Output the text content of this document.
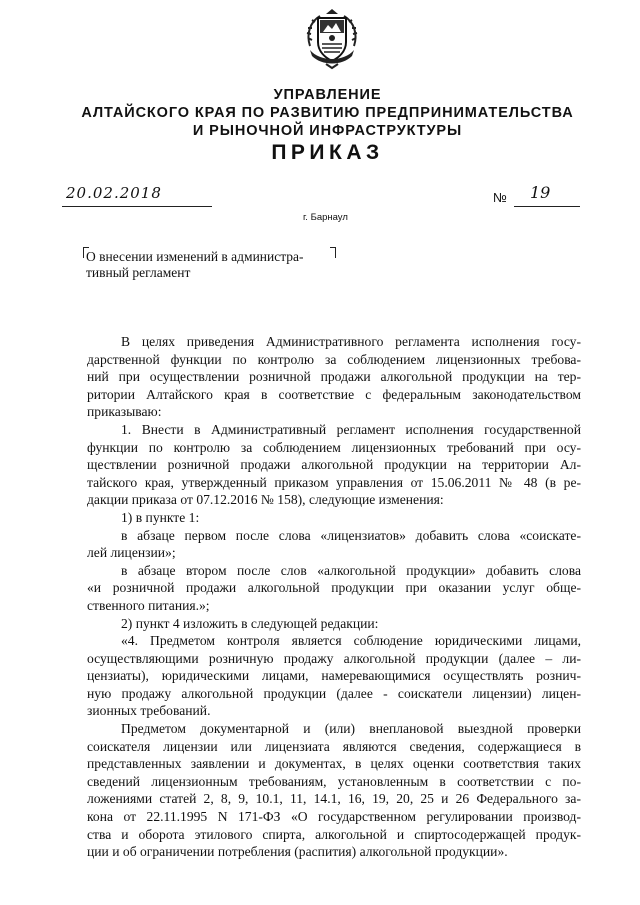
УПРАВЛЕНИЕ
АЛТАЙСКОГО КРАЯ ПО РАЗВИТИЮ ПРЕДПРИНИМАТЕЛЬСТВА
И РЫНОЧНОЙ ИНФРАСТРУКТУРЫ
ПРИКАЗ
20.02.2018	№ 19
г. Барнаул
О внесении изменений в администра-
тивный регламент
В целях приведения Административного регламента исполнения госу-
дарственной функции по контролю за соблюдением лицензионных требова-
ний при осуществлении розничной продажи алкогольной продукции на тер-
ритории Алтайского края в соответствие с федеральным законодательством
приказываю:
1. Внести в Административный регламент исполнения государственной
функции по контролю за соблюдением лицензионных требований при осу-
ществлении розничной продажи алкогольной продукции на территории Ал-
тайского края, утвержденный приказом управления от 15.06.2011 № 48 (в ре-
дакции приказа от 07.12.2016 № 158), следующие изменения:
1) в пункте 1:
в абзаце первом после слова «лицензиатов» добавить слова «соискате-
лей лицензии»;
в абзаце втором после слов «алкогольной продукции» добавить слова
«и розничной продажи алкогольной продукции при оказании услуг обще-
ственного питания.»;
2) пункт 4 изложить в следующей редакции:
«4. Предметом контроля является соблюдение юридическими лицами,
осуществляющими розничную продажу алкогольной продукции (далее – ли-
цензиаты), юридическими лицами, намеревающимися осуществлять рознич-
ную продажу алкогольной продукции (далее - соискатели лицензии) лицен-
зионных требований.
Предметом документарной и (или) внеплановой выездной проверки
соискателя лицензии или лицензиата являются сведения, содержащиеся в
представленных заявлении и документах, в целях оценки соответствия таких
сведений лицензионным требованиям, установленным в соответствии с по-
ложениями статей 2, 8, 9, 10.1, 11, 14.1, 16, 19, 20, 25 и 26 Федерального за-
кона от 22.11.1995 N 171-ФЗ «О государственном регулировании производ-
ства и оборота этилового спирта, алкогольной и спиртосодержащей продук-
ции и об ограничении потребления (распития) алкогольной продукции».
